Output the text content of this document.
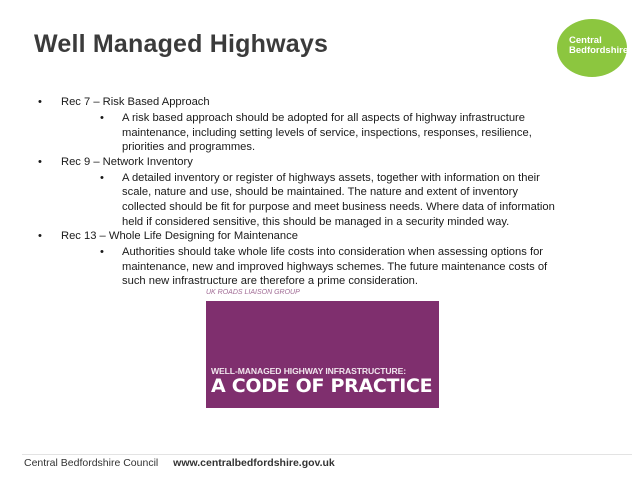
Well Managed Highways	Central
Bedfordshire
• Rec 7 – Risk Based Approach
• A risk based approach should be adopted for all aspects of highway infrastructure
maintenance, including setting levels of service, inspections, responses, resilience,
priorities and programmes.
• Rec 9 – Network Inventory
• A detailed inventory or register of highways assets, together with information on their
scale, nature and use, should be maintained. The nature and extent of inventory
collected should be fit for purpose and meet business needs. Where data of information
held if considered sensitive, this should be managed in a security minded way.
• Rec 13 – Whole Life Designing for Maintenance
• Authorities should take whole life costs into consideration when assessing options for
maintenance, new and improved highways schemes. The future maintenance costs of
such new infrastructure are therefore a prime consideration.
UK ROADS LIAISON GROUP
WELL-MANAGED HIGHWAY INFRASTRUCTURE:
A CODE OF PRACTICE
Central Bedfordshire Council www.centralbedfordshire.gov.uk
